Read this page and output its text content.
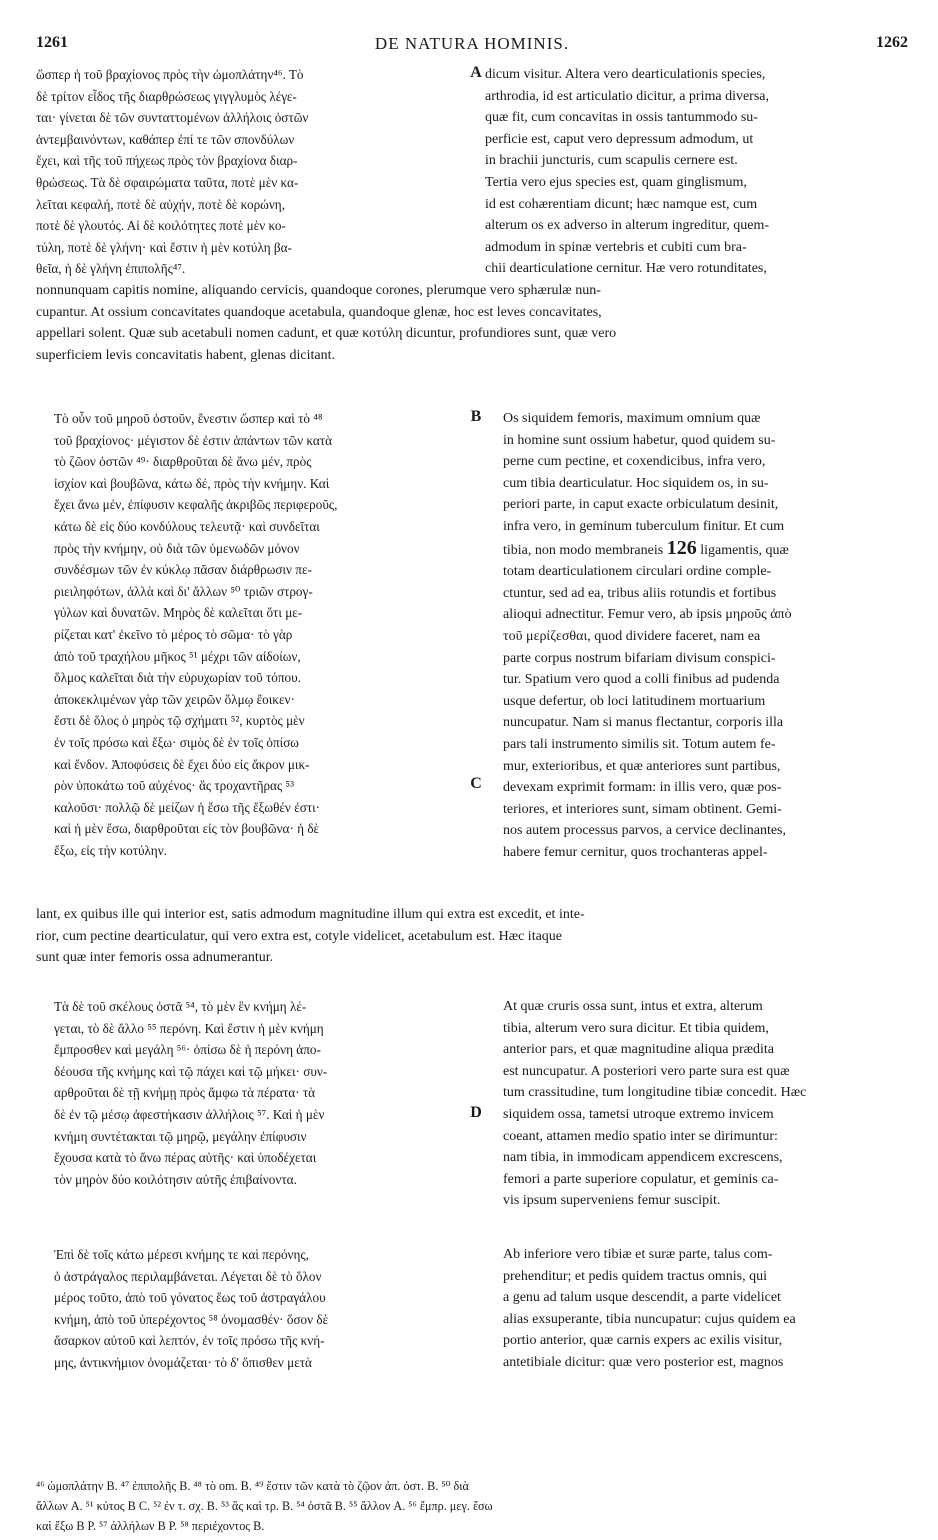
1261	DE NATURA HOMINIS.	1262
ὥσπερ ἡ τοῦ βραχίονος πρὸς τὴν ὠμοπλάτην⁴⁶. Τὸ
δὲ τρίτον εἶδος τῆς διαρθρώσεως γιγγλυμὸς λέγε-
ται· γίνεται δὲ τῶν συνταττομένων ἀλλήλοις ὀστῶν
ἀντεμβαινόντων, καθάπερ ἐπί τε τῶν σπονδύλων
ἔχει, καὶ τῆς τοῦ πήχεως πρὸς τὸν βραχίονα διαρ-
θρώσεως. Τὰ δὲ σφαιρώματα ταῦτα, ποτὲ μὲν κα-
λεῖται κεφαλή, ποτὲ δὲ αὐχήν, ποτὲ δὲ κορώνη,
ποτὲ δὲ γλουτός. Αἱ δὲ κοιλότητες ποτὲ μὲν κο-
τύλη, ποτὲ δὲ γλήνη· καὶ ἔστιν ἡ μὲν κοτύλη βα-
θεῖα, ἡ δὲ γλήνη ἐπιπολῆς⁴⁷.
A dicum visitur. Altera vero dearticulationis species,
arthrodia, id est articulatio dicitur, a prima diversa,
quæ fit, cum concavitas in ossis tantummodo su-
perficie est, caput vero depressum admodum, ut
in brachii juncturis, cum scapulis cernere est.
Tertia vero ejus species est, quam ginglismum,
id est cohærentiam dicunt; hæc namque est, cum
alterum os ex adverso in alterum ingreditur, quem-
admodum in spinæ vertebris et cubiti cum bra-
chii dearticulatione cernitur. Hæ vero rotunditates,
nonnunquam capitis nomine, aliquando cervicis, quandoque corones, plerumque vero sphærulæ nun-
cupantur. At ossium concavitates quandoque acetabula, quandoque glenæ, hoc est leves concavitates,
appellari solent. Quæ sub acetabuli nomen cadunt, et quæ κοτύλη dicuntur, profundiores sunt, quæ vero
superficiem levis concavitatis habent, glenas dicitant.
Τὸ οὖν τοῦ μηροῦ ὀστοῦν, ἔνεστιν ὥσπερ καὶ τὸ ⁴⁸
τοῦ βραχίονος· μέγιστον δὲ ἐστιν ἁπάντων τῶν κατὰ
τὸ ζῶον ὀστῶν ⁴⁹· διαρθροῦται δὲ ἄνω μέν, πρὸς
ἰσχίον καὶ βουβῶνα, κάτω δέ, πρὸς τὴν κνήμην. Καὶ
ἔχει ἄνω μέν, ἐπίφυσιν κεφαλῆς ἀκριβῶς περιφεροῦς,
κάτω δὲ εἰς δύο κονδύλους τελευτᾷ· καὶ συνδεῖται
πρὸς τὴν κνήμην, οὐ διὰ τῶν ὑμενωδῶν μόνον
συνδέσμων τῶν ἐν κύκλῳ πᾶσαν διάρθρωσιν πε-
ριειληφότων, ἀλλὰ καὶ δι' ἄλλων ⁵⁰ τριῶν στρογ-
γύλων καὶ δυνατῶν. Μηρὸς δὲ καλεῖται ὅτι με-
ρίζεται κατ' ἐκεῖνο τὸ μέρος τὸ σῶμα· τὸ γὰρ
ἀπὸ τοῦ τραχήλου μῆκος ⁵¹ μέχρι τῶν αἰδοίων,
ὅλμος καλεῖται διὰ τὴν εὐρυχωρίαν τοῦ τόπου.
ἀποκεκλιμένων γὰρ τῶν χειρῶν ὅλμῳ ἔοικεν·
ἔστι δὲ ὅλος ὁ μηρὸς τῷ σχήματι ⁵², κυρτὸς μὲν
ἐν τοῖς πρόσω καὶ ἔξω· σιμὸς δὲ ἐν τοῖς ὀπίσω
καὶ ἔνδον. Ἀποφύσεις δὲ ἔχει δύο εἰς ἄκρον μικ-
ρὸν ὑποκάτω τοῦ αὐχένος· ἃς τροχαντῆρας ⁵³
καλοῦσι· πολλῷ δὲ μείζων ἡ ἔσω τῆς ἔξωθέν ἐστι·
καὶ ἡ μὲν ἔσω, διαρθροῦται εἰς τὸν βουβῶνα· ἡ δὲ
ἔξω, εἰς τὴν κοτύλην.
B
C
Os siquidem femoris, maximum omnium quæ
in homine sunt ossium habetur, quod quidem su-
perne cum pectine, et coxendicibus, infra vero,
cum tibia dearticulatur. Hoc siquidem os, in su-
periori parte, in caput exacte orbiculatum desinit,
infra vero, in geminum tuberculum finitur. Et cum
tibia, non modo membraneis 126 ligamentis, quæ
totam dearticulationem circulari ordine comple-
ctuntur, sed ad ea, tribus aliis rotundis et fortibus
alioqui adnectitur. Femur vero, ab ipsis μηροῦς ἀπὸ
τοῦ μερίζεσθαι, quod dividere faceret, nam ea
parte corpus nostrum bifariam divisum conspici-
tur. Spatium vero quod a colli finibus ad pudenda
usque defertur, ob loci latitudinem mortuarium
nuncupatur. Nam si manus flectantur, corporis illa
pars tali instrumento similis sit. Totum autem fe-
mur, exterioribus, et quæ anteriores sunt partibus,
devexam exprimit formam: in illis vero, quæ pos-
teriores, et interiores sunt, simam obtinent. Gemi-
nos autem processus parvos, a cervice declinantes,
habere femur cernitur, quos trochanteras appel-
lant, ex quibus ille qui interior est, satis admodum magnitudine illum qui extra est excedit, et inte-
rior, cum pectine dearticulatur, qui vero extra est, cotyle videlicet, acetabulum est. Hæc itaque
sunt quæ inter femoris ossa adnumerantur.
Τὰ δὲ τοῦ σκέλους ὀστᾶ ⁵⁴, τὸ μὲν ἓν κνήμη λέ-
γεται, τὸ δὲ ἄλλο ⁵⁵ περόνη. Καὶ ἔστιν ἡ μὲν κνήμη
ἔμπροσθεν καὶ μεγάλη ⁵⁶· ὀπίσω δὲ ἡ περόνη ἀπο-
δέουσα τῆς κνήμης καὶ τῷ πάχει καὶ τῷ μήκει· συν-
αρθροῦται δὲ τῇ κνήμῃ πρὸς ἄμφω τὰ πέρατα· τὰ
δὲ ἐν τῷ μέσῳ ἀφεστήκασιν ἀλλήλοις ⁵⁷. Καὶ ἡ μὲν
κνήμη συντέτακται τῷ μηρῷ, μεγάλην ἐπίφυσιν
ἔχουσα κατὰ τὸ ἄνω πέρας αὐτῆς· καὶ ὑποδέχεται
τὸν μηρὸν δύο κοιλότησιν αὐτῆς ἐπιβαίνοντα.
D
At quæ cruris ossa sunt, intus et extra, alterum
tibia, alterum vero sura dicitur. Et tibia quidem,
anterior pars, et quæ magnitudine aliqua prædita
est nuncupatur. A posteriori vero parte sura est quæ
tum crassitudine, tum longitudine tibiæ concedit. Hæc
siquidem ossa, tametsi utroque extremo invicem
coeant, attamen medio spatio inter se dirimuntur:
nam tibia, in immodicam appendicem excrescens,
femori a parte superiore copulatur, et geminis ca-
vis ipsum superveniens femur suscipit.
Ἐπὶ δὲ τοῖς κάτω μέρεσι κνήμης τε καὶ περόνης,
ὁ ἀστράγαλος περιλαμβάνεται. Λέγεται δὲ τὸ ὅλον
μέρος τοῦτο, ἀπὸ τοῦ γόνατος ἕως τοῦ ἀστραγάλου
κνήμη, ἀπὸ τοῦ ὑπερέχοντος ⁵⁸ ὀνομασθέν· ὅσον δὲ
ἄσαρκον αὐτοῦ καὶ λεπτόν, ἐν τοῖς πρόσω τῆς κνή-
μης, ἀντικνήμιον ὀνομάζεται· τὸ δ' ὄπισθεν μετὰ
Ab inferiore vero tibiæ et suræ parte, talus com-
prehenditur; et pedis quidem tractus omnis, qui
a genu ad talum usque descendit, a parte videlicet
alias exsuperante, tibia nuncupatur: cujus quidem ea
portio anterior, quæ carnis expers ac exilis visitur,
antetibiale dicitur: quæ vero posterior est, magnos
⁴⁶ ὠμοπλάτην B. ⁴⁷ ἐπιπολῆς B. ⁴⁸ τὸ om. B. ⁴⁹ ἔστιν τῶν κατὰ τὸ ζῷον ἀπ. ὀστ. B. ⁵⁰ διὰ
ἄλλων A. ⁵¹ κύτος B C. ⁵² ἐν τ. σχ. B. ⁵³ ἃς καὶ τρ. B. ⁵⁴ ὀστᾶ B. ⁵⁵ ἄλλον A. ⁵⁶ ἔμπρ. μεγ. ἔσω
καὶ ἔξω B P. ⁵⁷ ἀλλήλων B P. ⁵⁸ περιέχοντος B.
